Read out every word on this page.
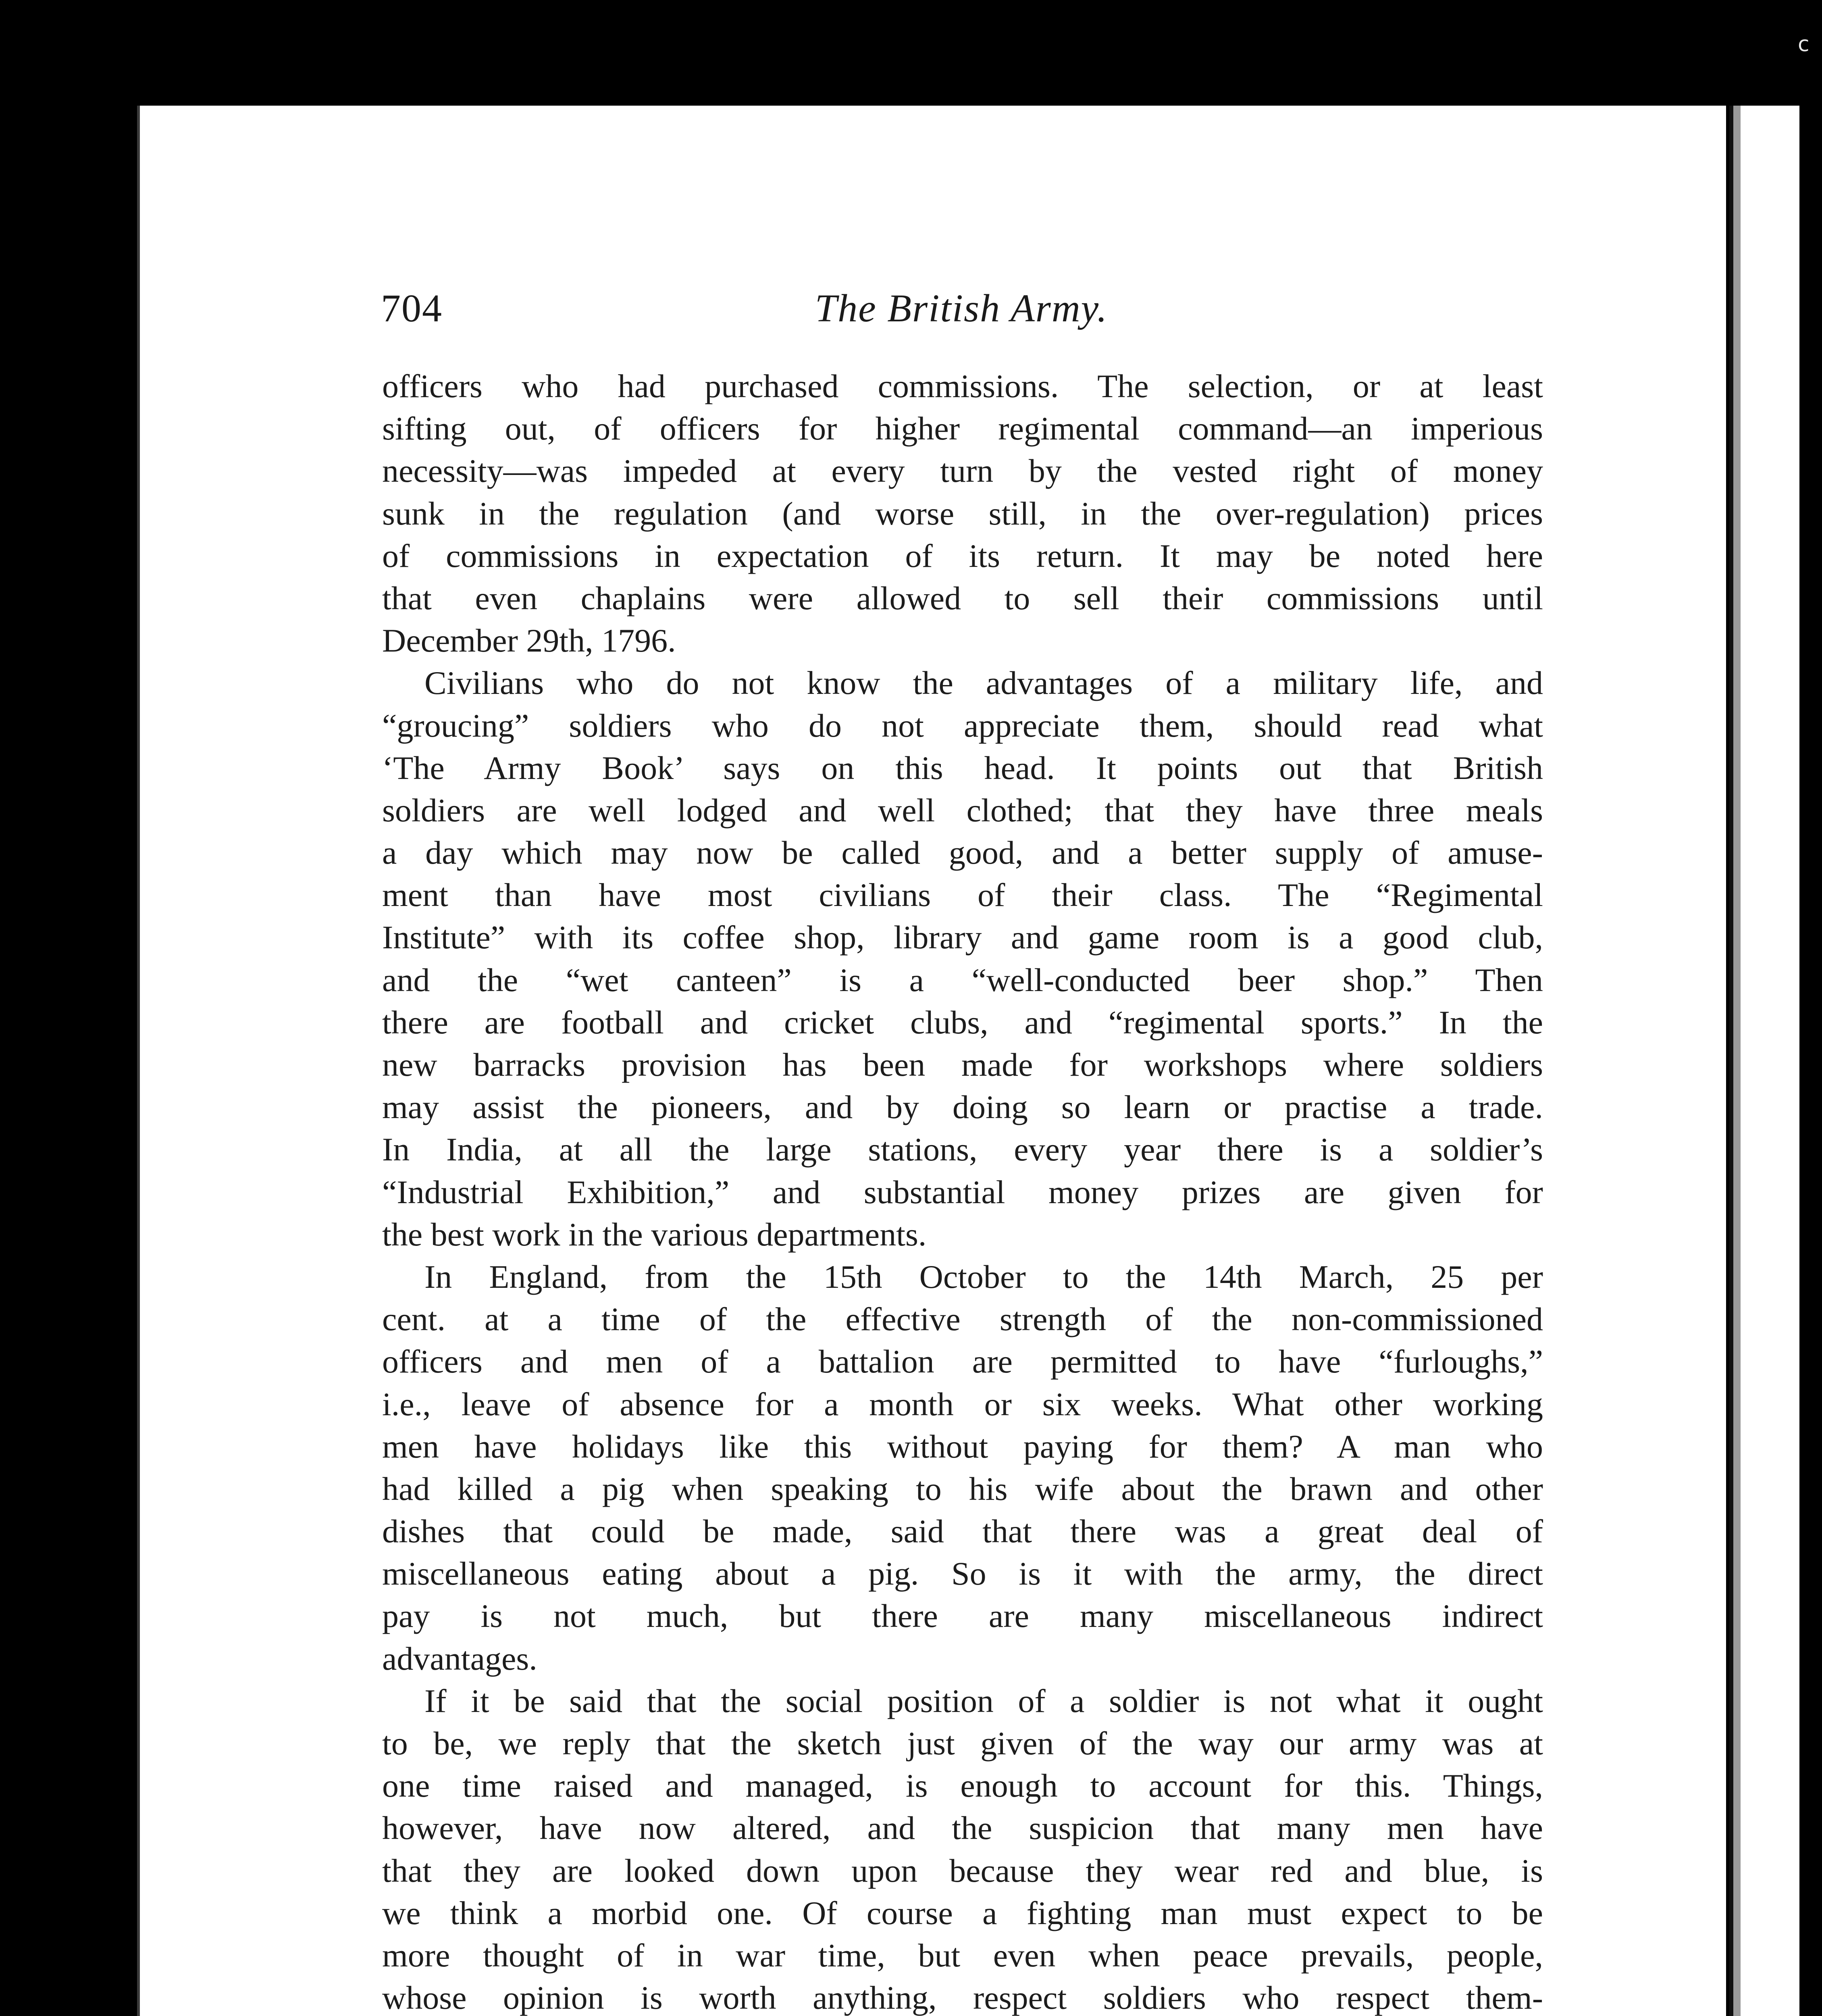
704	The British Army.
officers who had purchased commissions. The selection, or at least
sifting out, of officers for higher regimental command—an imperious
necessity—was impeded at every turn by the vested right of money
sunk in the regulation (and worse still, in the over-regulation) prices
of commissions in expectation of its return. It may be noted here
that even chaplains were allowed to sell their commissions until
December 29th, 1796.
Civilians who do not know the advantages of a military life, and
“groucing” soldiers who do not appreciate them, should read what
‘The Army Book’ says on this head. It points out that British
soldiers are well lodged and well clothed; that they have three meals
a day which may now be called good, and a better supply of amuse-
ment than have most civilians of their class. The “Regimental
Institute” with its coffee shop, library and game room is a good club,
and the “wet canteen” is a “well-conducted beer shop.” Then
there are football and cricket clubs, and “regimental sports.” In the
new barracks provision has been made for workshops where soldiers
may assist the pioneers, and by doing so learn or practise a trade.
In India, at all the large stations, every year there is a soldier’s
“Industrial Exhibition,” and substantial money prizes are given for
the best work in the various departments.
In England, from the 15th October to the 14th March, 25 per
cent. at a time of the effective strength of the non-commissioned
officers and men of a battalion are permitted to have “furloughs,”
i.e., leave of absence for a month or six weeks. What other working
men have holidays like this without paying for them? A man who
had killed a pig when speaking to his wife about the brawn and other
dishes that could be made, said that there was a great deal of
miscellaneous eating about a pig. So is it with the army, the direct
pay is not much, but there are many miscellaneous indirect
advantages.
If it be said that the social position of a soldier is not what it ought
to be, we reply that the sketch just given of the way our army was at
one time raised and managed, is enough to account for this. Things,
however, have now altered, and the suspicion that many men have
that they are looked down upon because they wear red and blue, is
we think a morbid one. Of course a fighting man must expect to be
more thought of in war time, but even when peace prevails, people,
whose opinion is worth anything, respect soldiers who respect them-
c
